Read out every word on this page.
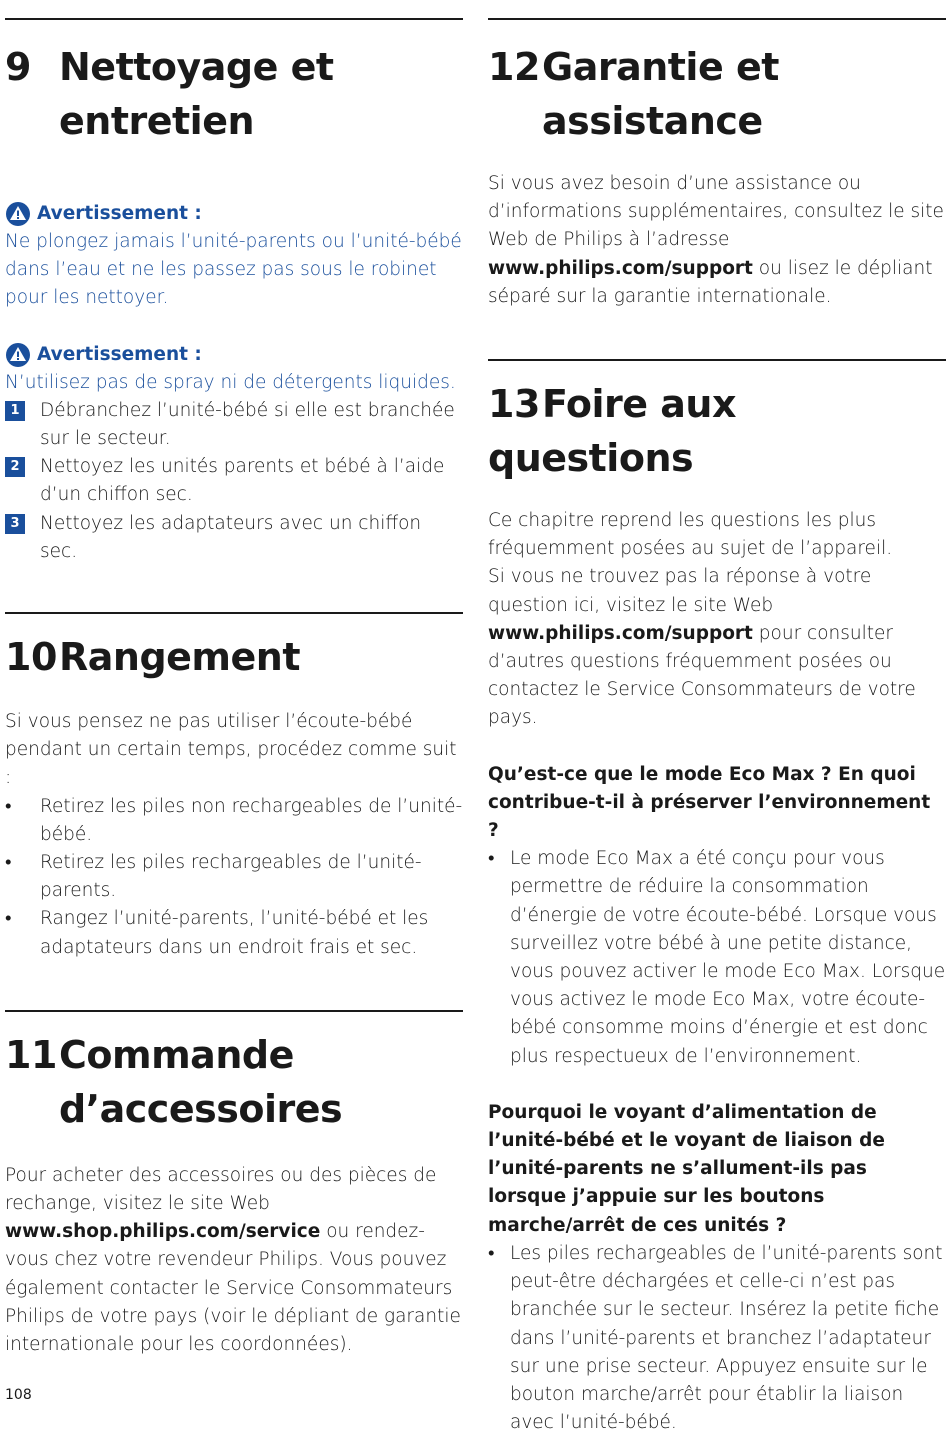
9 Nettoyage et
entretien
Avertissement :

Ne plongez jamais l’unité-parents ou l’unité-bébé dans l’eau et ne les passez pas sous le robinet pour les nettoyer.

Avertissement :

N’utilisez pas de spray ni de détergents liquides.

1 Débranchez l’unité-bébé si elle est branchée sur le secteur.
2 Nettoyez les unités parents et bébé à l’aide d’un chiffon sec.
3 Nettoyez les adaptateurs avec un chiffon sec.
10Rangement

Si vous pensez ne pas utiliser l’écoute-bébé pendant un certain temps, procédez comme suit :

•	Retirez les piles non rechargeables de l’unité-bébé.
•	Retirez les piles rechargeables de l’unité-parents.
•	Rangez l’unité-parents, l’unité-bébé et les adaptateurs dans un endroit frais et sec.
11Commande
d’accessoires

Pour acheter des accessoires ou des pièces de rechange, visitez le site Web www.shop.philips.com/service ou rendez-vous chez votre revendeur Philips. Vous pouvez également contacter le Service Consommateurs Philips de votre pays (voir le dépliant de garantie internationale pour les coordonnées).

12Garantie et
assistance

Si vous avez besoin d’une assistance ou d’informations supplémentaires, consultez le site Web de Philips à l’adresse www.philips.com/support ou lisez le dépliant séparé sur la garantie internationale.

13Foire aux questions

Ce chapitre reprend les questions les plus fréquemment posées au sujet de l’appareil.

Si vous ne trouvez pas la réponse à votre question ici, visitez le site Web www.philips.com/support pour consulter d’autres questions fréquemment posées ou contactez le Service Consommateurs de votre pays.

Qu’est-ce que le mode Eco Max ? En quoi contribue-t-il à préserver l’environnement ?

• Le mode Eco Max a été conçu pour vous permettre de réduire la consommation d’énergie de votre écoute-bébé. Lorsque vous surveillez votre bébé à une petite distance, vous pouvez activer le mode Eco Max. Lorsque vous activez le mode Eco Max, votre écoute-bébé consomme moins d’énergie et est donc plus respectueux de l’environnement.

Pourquoi le voyant d’alimentation de l’unité-bébé et le voyant de liaison de l’unité-parents ne s’allument-ils pas lorsque j’appuie sur les boutons marche/arrêt de ces unités ?

• Les piles rechargeables de l’unité-parents sont peut-être déchargées et celle-ci n’est pas branchée sur le secteur. Insérez la petite fiche dans l’unité-parents et branchez l’adaptateur sur une prise secteur. Appuyez ensuite sur le bouton marche/arrêt pour établir la liaison avec l’unité-bébé.
108
